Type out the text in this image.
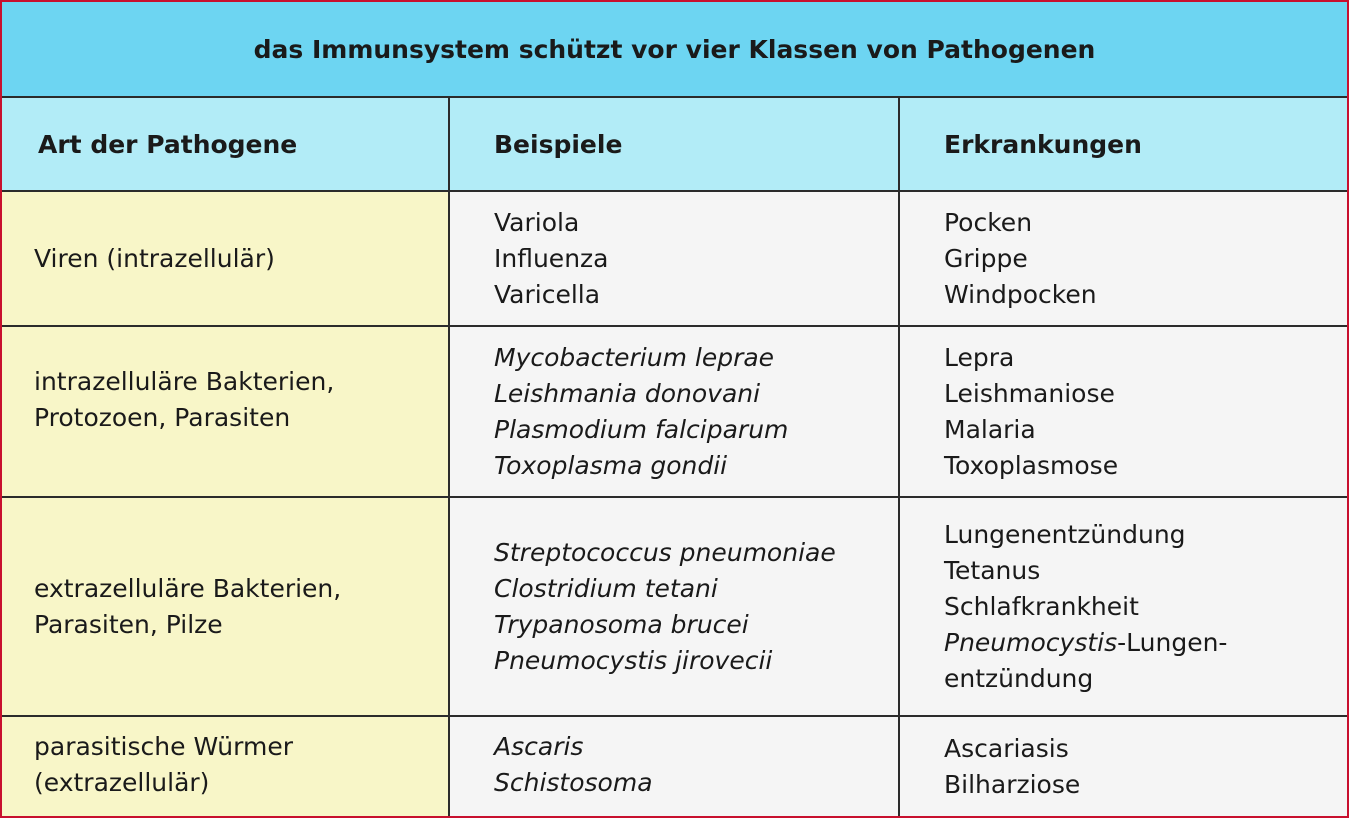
das Immunsystem schützt vor vier Klassen von Pathogenen
Art der Pathogene	Beispiele	Erkrankungen
Viren (intrazellulär)
Variola
Influenza
Varicella
Pocken
Grippe
Windpocken
intrazelluläre Bakterien,
Protozoen, Parasiten
Mycobacterium leprae
Leishmania donovani
Plasmodium falciparum
Toxoplasma gondii
Lepra
Leishmaniose
Malaria
Toxoplasmose
extrazelluläre Bakterien,
Parasiten, Pilze
Streptococcus pneumoniae
Clostridium tetani
Trypanosoma brucei
Pneumocystis jirovecii
Lungenentzündung
Tetanus
Schlafkrankheit
Pneumocystis-Lungen-
entzündung
parasitische Würmer
(extrazellulär)
Ascaris
Schistosoma
Ascariasis
Bilharziose
